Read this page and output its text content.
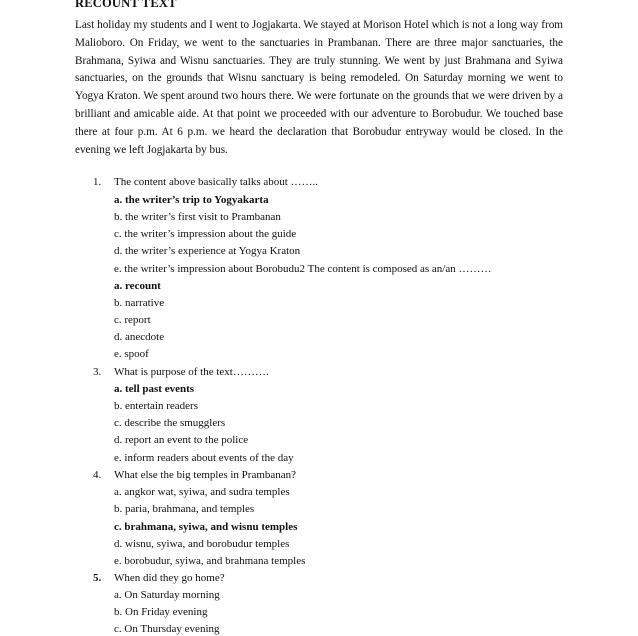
RECOUNT TEXT
Last holiday my students and I went to Jogjakarta. We stayed at Morison Hotel which is not a long way from Malioboro. On Friday, we went to the sanctuaries in Prambanan. There are three major sanctuaries, the Brahmana, Syiwa and Wisnu sanctuaries. They are truly stunning. We went by just Brahmana and Syiwa sanctuaries, on the grounds that Wisnu sanctuary is being remodeled. On Saturday morning we went to Yogya Kraton. We spent around two hours there. We were fortunate on the grounds that we were driven by a brilliant and amicable aide. At that point we proceeded with our adventure to Borobudur. We touched base there at four p.m. At 6 p.m. we heard the declaration that Borobudur entryway would be closed. In the evening we left Jogjakarta by bus.
1. The content above basically talks about ……..
a. the writer’s trip to Yogyakarta
b. the writer’s first visit to Prambanan
c. the writer’s impression about the guide
d. the writer’s experience at Yogya Kraton
e. the writer’s impression about Borobudu2 The content is composed as an/an ………
a. recount
b. narrative
c. report
d. anecdote
e. spoof
3. What is purpose of the text……….
a. tell past events
b. entertain readers
c. describe the smugglers
d. report an event to the police
e. inform readers about events of the day
4. What else the big temples in Prambanan?
a. angkor wat, syiwa, and sudra temples
b. paria, brahmana, and temples
c. brahmana, syiwa, and wisnu temples
d. wisnu, syiwa, and borobudur temples
e. borobudur, syiwa, and brahmana temples
5. When did they go home?
a. On Saturday morning
b. On Friday evening
c. On Thursday evening
